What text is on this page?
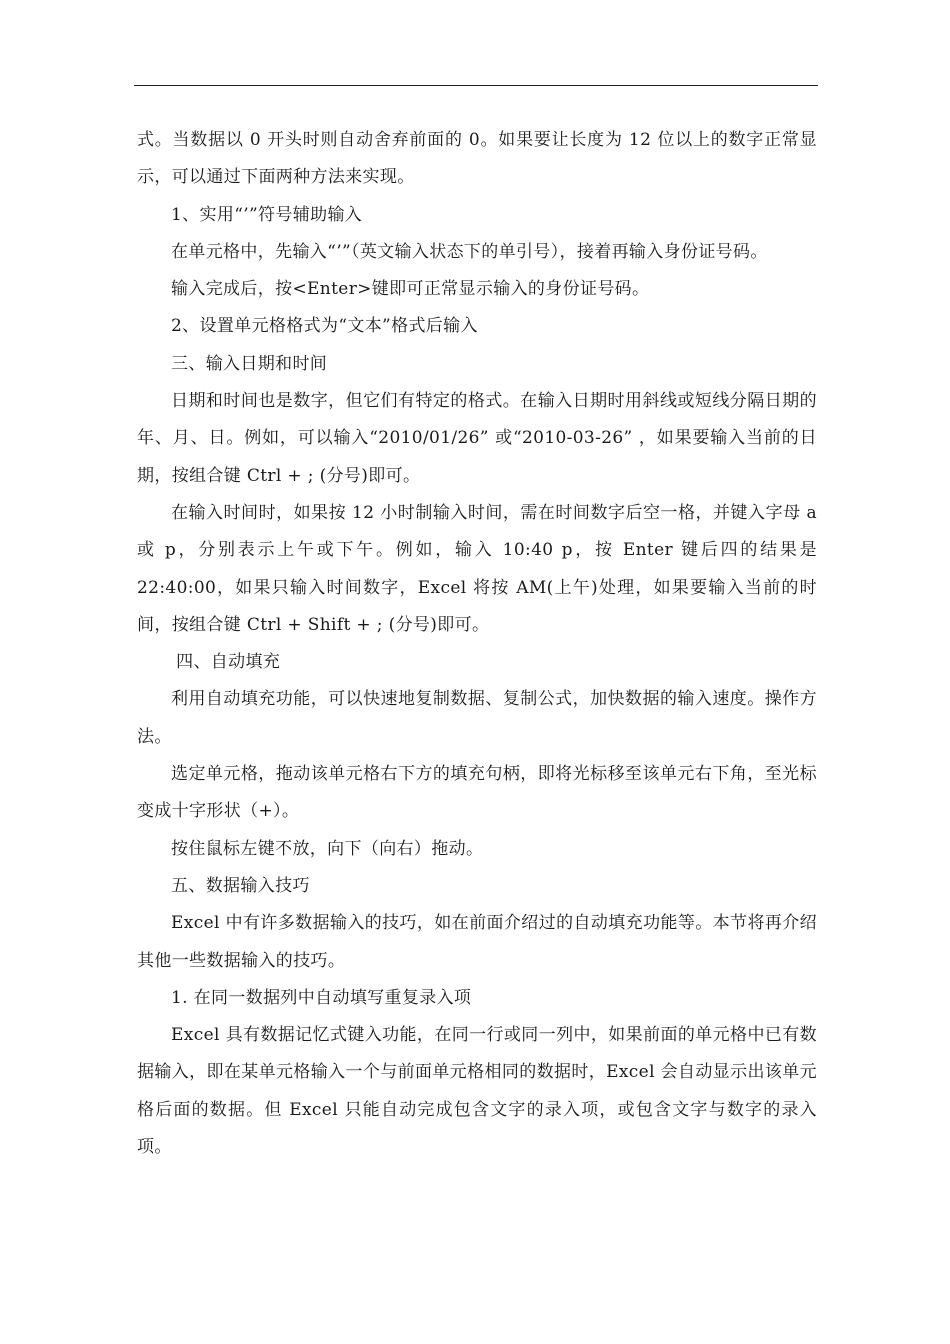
式。当数据以 0 开头时则自动舍弃前面的 0。如果要让长度为 12 位以上的数字正常显示，可以通过下面两种方法来实现。

1、实用“’”符号辅助输入

在单元格中，先输入“’”（英文输入状态下的单引号），接着再输入身份证号码。

输入完成后，按<Enter>键即可正常显示输入的身份证号码。

2、设置单元格格式为“文本”格式后输入

三、输入日期和时间

日期和时间也是数字，但它们有特定的格式。在输入日期时用斜线或短线分隔日期的年、月、日。例如，可以输入“2010/01/26” 或“2010-03-26” ，如果要输入当前的日期，按组合键 Ctrl + ; (分号)即可。

在输入时间时，如果按 12 小时制输入时间，需在时间数字后空一格，并键入字母 a 或 p，分别表示上午或下午。例如，输入 10:40 p，按 Enter 键后四的结果是 22:40:00，如果只输入时间数字，Excel 将按 AM(上午)处理，如果要输入当前的时间，按组合键 Ctrl + Shift + ; (分号)即可。

四、自动填充

利用自动填充功能，可以快速地复制数据、复制公式，加快数据的输入速度。操作方法。

选定单元格，拖动该单元格右下方的填充句柄，即将光标移至该单元右下角，至光标变成十字形状（+）。

按住鼠标左键不放，向下（向右）拖动。

五、数据输入技巧

Excel 中有许多数据输入的技巧，如在前面介绍过的自动填充功能等。本节将再介绍其他一些数据输入的技巧。

1. 在同一数据列中自动填写重复录入项

Excel 具有数据记忆式键入功能，在同一行或同一列中，如果前面的单元格中已有数据输入，即在某单元格输入一个与前面单元格相同的数据时，Excel 会自动显示出该单元格后面的数据。但 Excel 只能自动完成包含文字的录入项，或包含文字与数字的录入项。
